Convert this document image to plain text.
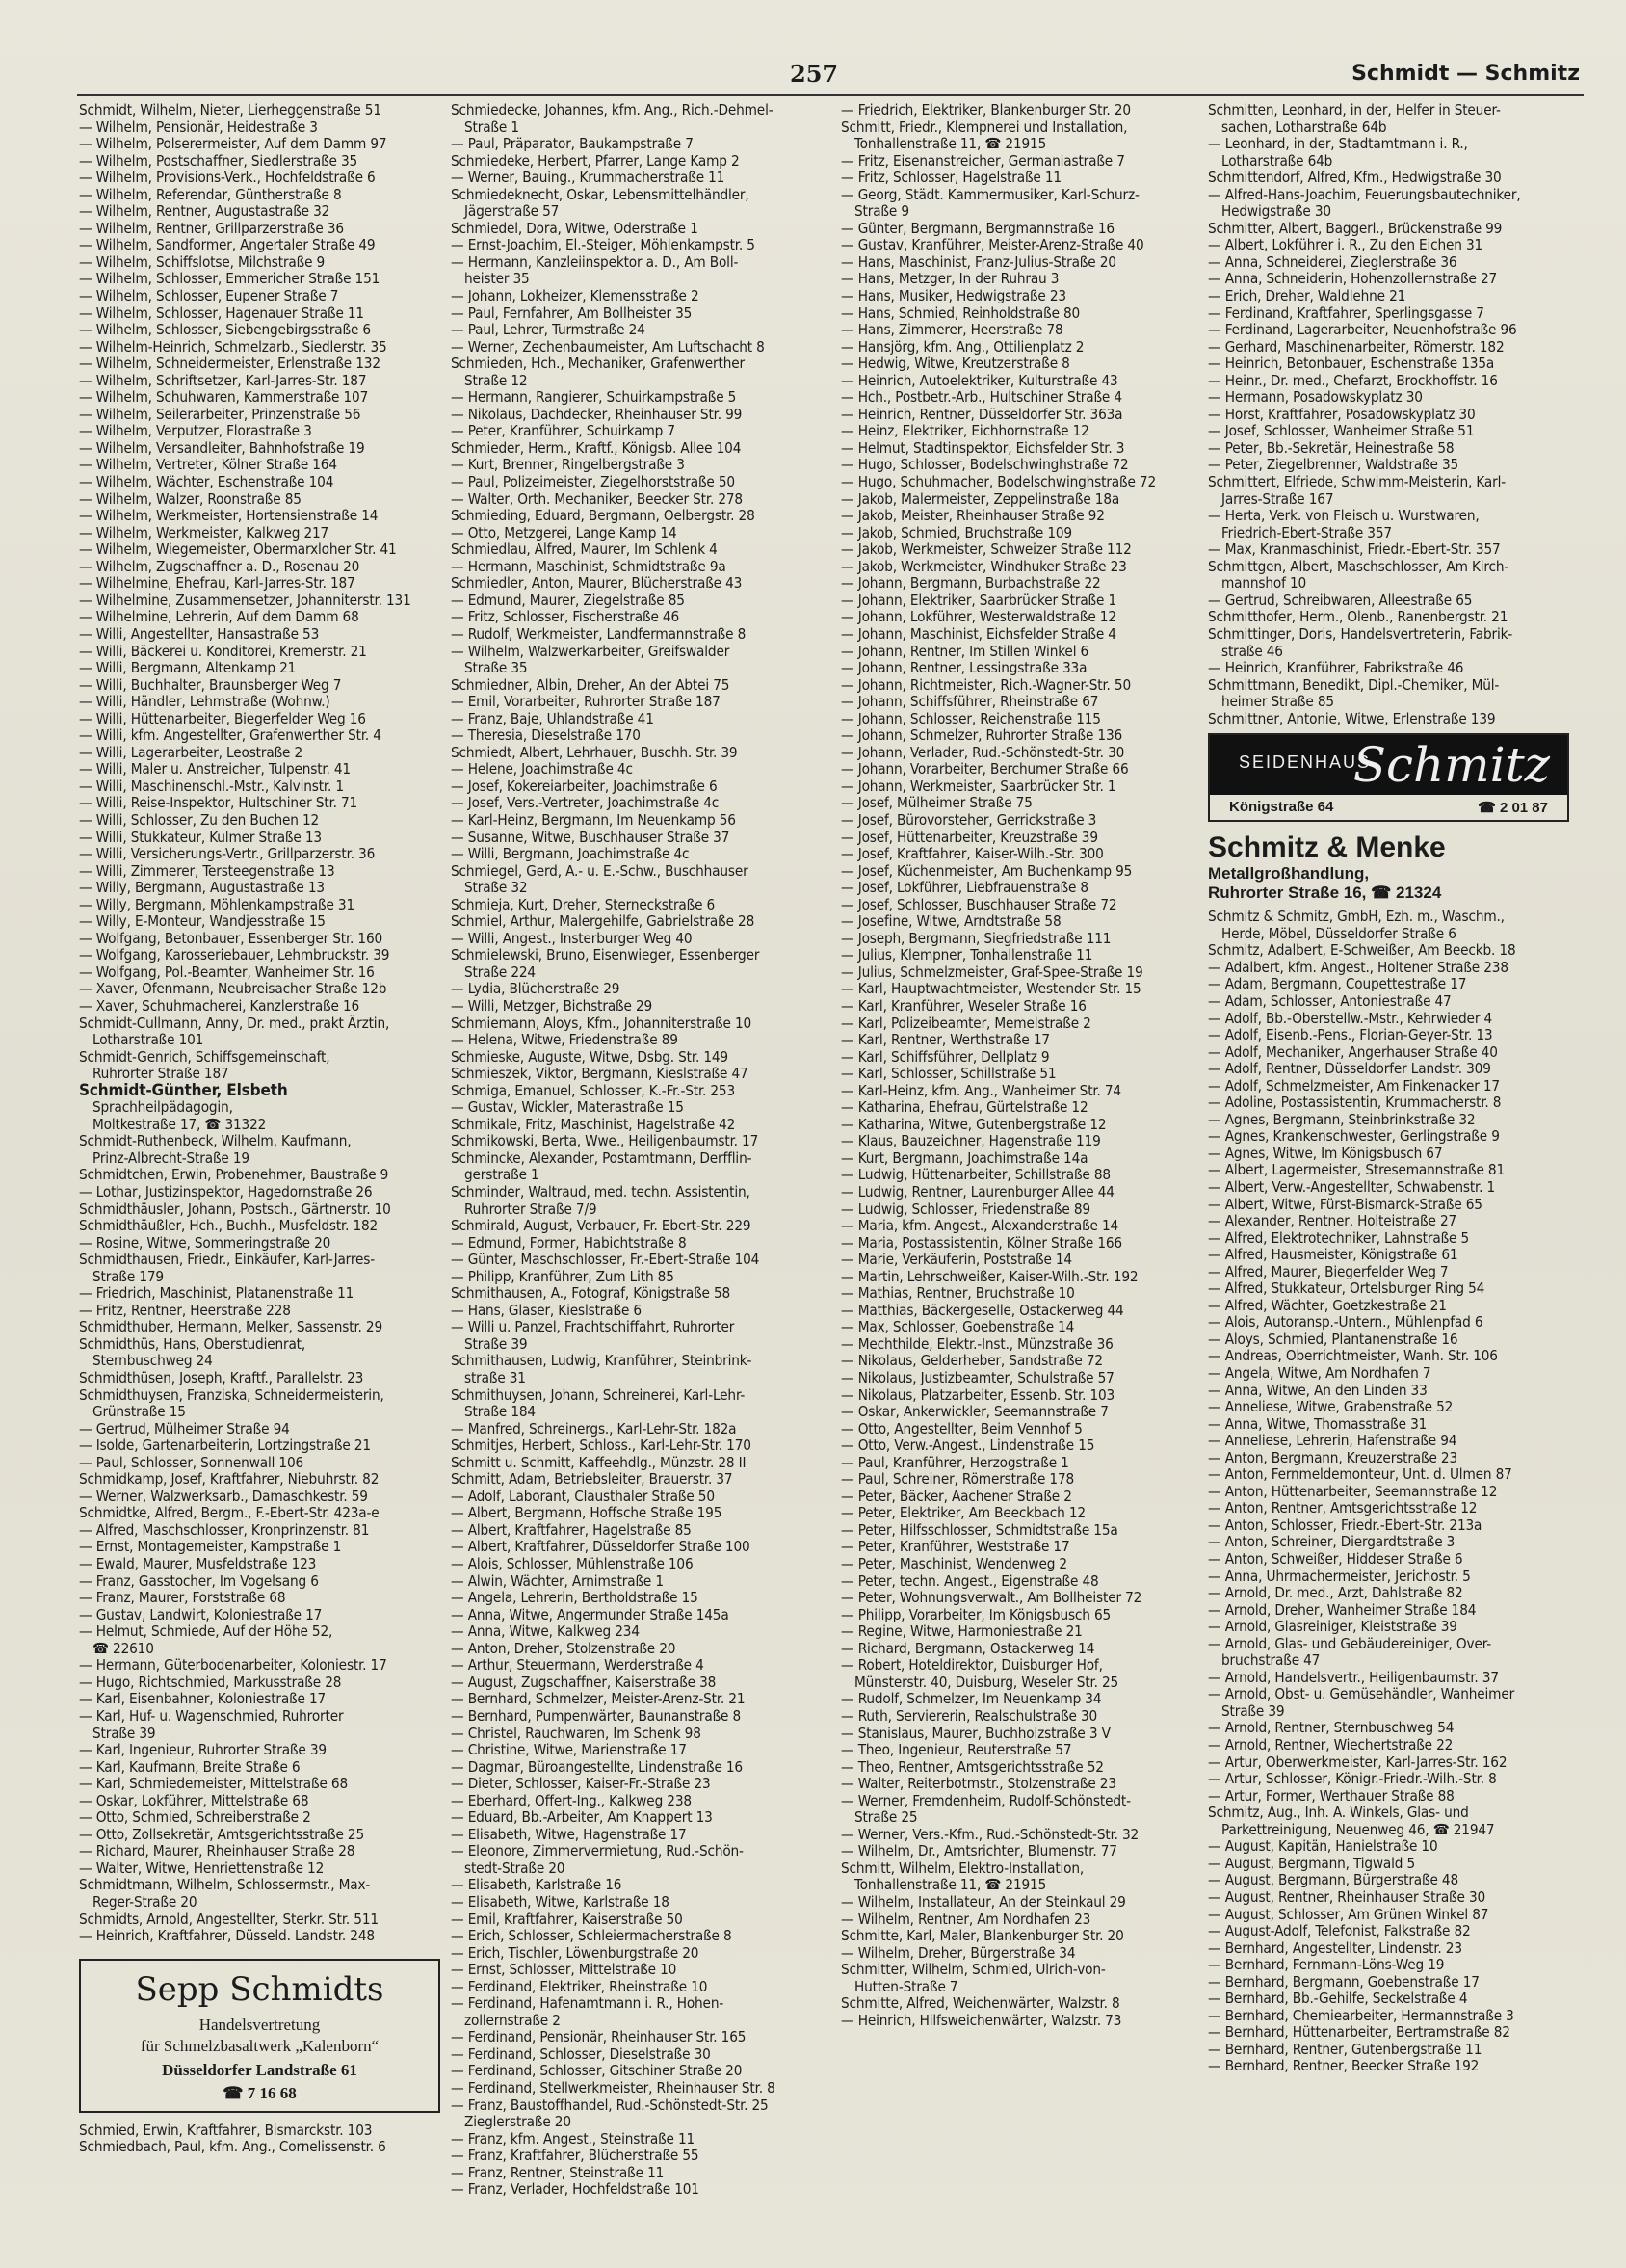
257	Schmidt — Schmitz
Schmidt, Wilhelm, Nieter, Lierheggenstraße 51
— Wilhelm, Pensionär, Heidestraße 3
— Wilhelm, Polserermeister, Auf dem Damm 97
— Wilhelm, Postschaffner, Siedlerstraße 35
— Wilhelm, Provisions-Verk., Hochfeldstraße 6
— Wilhelm, Referendar, Güntherstraße 8
— Wilhelm, Rentner, Augustastraße 32
— Wilhelm, Rentner, Grillparzerstraße 36
— Wilhelm, Sandformer, Angertaler Straße 49
— Wilhelm, Schiffslotse, Milchstraße 9
— Wilhelm, Schlosser, Emmericher Straße 151
— Wilhelm, Schlosser, Eupener Straße 7
— Wilhelm, Schlosser, Hagenauer Straße 11
— Wilhelm, Schlosser, Siebengebirgsstraße 6
— Wilhelm-Heinrich, Schmelzarb., Siedlerstr. 35
— Wilhelm, Schneidermeister, Erlenstraße 132
— Wilhelm, Schriftsetzer, Karl-Jarres-Str. 187
— Wilhelm, Schuhwaren, Kammerstraße 107
— Wilhelm, Seilerarbeiter, Prinzenstraße 56
— Wilhelm, Verputzer, Florastraße 3
— Wilhelm, Versandleiter, Bahnhofstraße 19
— Wilhelm, Vertreter, Kölner Straße 164
— Wilhelm, Wächter, Eschenstraße 104
— Wilhelm, Walzer, Roonstraße 85
— Wilhelm, Werkmeister, Hortensienstraße 14
— Wilhelm, Werkmeister, Kalkweg 217
— Wilhelm, Wiegemeister, Obermarxloher Str. 41
— Wilhelm, Zugschaffner a. D., Rosenau 20
— Wilhelmine, Ehefrau, Karl-Jarres-Str. 187
— Wilhelmine, Zusammensetzer, Johanniterstr. 131
— Wilhelmine, Lehrerin, Auf dem Damm 68
— Willi, Angestellter, Hansastraße 53
— Willi, Bäckerei u. Konditorei, Kremerstr. 21
— Willi, Bergmann, Altenkamp 21
— Willi, Buchhalter, Braunsberger Weg 7
— Willi, Händler, Lehmstraße (Wohnw.)
— Willi, Hüttenarbeiter, Biegerfelder Weg 16
— Willi, kfm. Angestellter, Grafenwerther Str. 4
— Willi, Lagerarbeiter, Leostraße 2
— Willi, Maler u. Anstreicher, Tulpenstr. 41
— Willi, Maschinenschl.-Mstr., Kalvinstr. 1
— Willi, Reise-Inspektor, Hultschiner Str. 71
— Willi, Schlosser, Zu den Buchen 12
— Willi, Stukkateur, Kulmer Straße 13
— Willi, Versicherungs-Vertr., Grillparzerstr. 36
— Willi, Zimmerer, Tersteegenstraße 13
— Willy, Bergmann, Augustastraße 13
— Willy, Bergmann, Möhlenkampstraße 31
— Willy, E-Monteur, Wandjesstraße 15
— Wolfgang, Betonbauer, Essenberger Str. 160
— Wolfgang, Karosseriebauer, Lehmbruckstr. 39
— Wolfgang, Pol.-Beamter, Wanheimer Str. 16
— Xaver, Ofenmann, Neubreisacher Straße 12b
— Xaver, Schuhmacherei, Kanzlerstraße 16
Schmidt-Cullmann, Anny, Dr. med., prakt Ärztin,
Lotharstraße 101
Schmidt-Genrich, Schiffsgemeinschaft,
Ruhrorter Straße 187
Schmidt-Günther, Elsbeth
Sprachheilpädagogin,
Moltkestraße 17, ☎ 31322
Schmidt-Ruthenbeck, Wilhelm, Kaufmann,
Prinz-Albrecht-Straße 19
Schmidtchen, Erwin, Probenehmer, Baustraße 9
— Lothar, Justizinspektor, Hagedornstraße 26
Schmidthäusler, Johann, Postsch., Gärtnerstr. 10
Schmidthäußler, Hch., Buchh., Musfeldstr. 182
— Rosine, Witwe, Sommeringstraße 20
Schmidthausen, Friedr., Einkäufer, Karl-Jarres-
Straße 179
— Friedrich, Maschinist, Platanenstraße 11
— Fritz, Rentner, Heerstraße 228
Schmidthuber, Hermann, Melker, Sassenstr. 29
Schmidthüs, Hans, Oberstudienrat,
Sternbuschweg 24
Schmidthüsen, Joseph, Kraftf., Parallelstr. 23
Schmidthuysen, Franziska, Schneidermeisterin,
Grünstraße 15
— Gertrud, Mülheimer Straße 94
— Isolde, Gartenarbeiterin, Lortzingstraße 21
— Paul, Schlosser, Sonnenwall 106
Schmidkamp, Josef, Kraftfahrer, Niebuhrstr. 82
— Werner, Walzwerksarb., Damaschkestr. 59
Schmidtke, Alfred, Bergm., F.-Ebert-Str. 423a-e
— Alfred, Maschschlosser, Kronprinzenstr. 81
— Ernst, Montagemeister, Kampstraße 1
— Ewald, Maurer, Musfeldstraße 123
— Franz, Gasstocher, Im Vogelsang 6
— Franz, Maurer, Forststraße 68
— Gustav, Landwirt, Koloniestraße 17
— Helmut, Schmiede, Auf der Höhe 52,
☎ 22610
— Hermann, Güterbodenarbeiter, Koloniestr. 17
— Hugo, Richtschmied, Markusstraße 28
— Karl, Eisenbahner, Koloniestraße 17
— Karl, Huf- u. Wagenschmied, Ruhrorter
Straße 39
— Karl, Ingenieur, Ruhrorter Straße 39
— Karl, Kaufmann, Breite Straße 6
— Karl, Schmiedemeister, Mittelstraße 68
— Oskar, Lokführer, Mittelstraße 68
— Otto, Schmied, Schreiberstraße 2
— Otto, Zollsekretär, Amtsgerichtsstraße 25
— Richard, Maurer, Rheinhauser Straße 28
— Walter, Witwe, Henriettenstraße 12
Schmidtmann, Wilhelm, Schlossermstr., Max-
Reger-Straße 20
Schmidts, Arnold, Angestellter, Sterkr. Str. 511
— Heinrich, Kraftfahrer, Düsseld. Landstr. 248
Sepp Schmidts
Handelsvertretung
für Schmelzbasaltwerk „Kalenborn“
Düsseldorfer Landstraße 61
☎ 7 16 68
Schmied, Erwin, Kraftfahrer, Bismarckstr. 103
Schmiedbach, Paul, kfm. Ang., Cornelissenstr. 6
Schmiedecke, Johannes, kfm. Ang., Rich.-Dehmel-
Straße 1
— Paul, Präparator, Baukampstraße 7
Schmiedeke, Herbert, Pfarrer, Lange Kamp 2
— Werner, Bauing., Krummacherstraße 11
Schmiedeknecht, Oskar, Lebensmittelhändler,
Jägerstraße 57
Schmiedel, Dora, Witwe, Oderstraße 1
— Ernst-Joachim, El.-Steiger, Möhlenkampstr. 5
— Hermann, Kanzleiinspektor a. D., Am Boll-
heister 35
— Johann, Lokheizer, Klemensstraße 2
— Paul, Fernfahrer, Am Bollheister 35
— Paul, Lehrer, Turmstraße 24
— Werner, Zechenbaumeister, Am Luftschacht 8
Schmieden, Hch., Mechaniker, Grafenwerther
Straße 12
— Hermann, Rangierer, Schuirkampstraße 5
— Nikolaus, Dachdecker, Rheinhauser Str. 99
— Peter, Kranführer, Schuirkamp 7
Schmieder, Herm., Kraftf., Königsb. Allee 104
— Kurt, Brenner, Ringelbergstraße 3
— Paul, Polizeimeister, Ziegelhorststraße 50
— Walter, Orth. Mechaniker, Beecker Str. 278
Schmieding, Eduard, Bergmann, Oelbergstr. 28
— Otto, Metzgerei, Lange Kamp 14
Schmiedlau, Alfred, Maurer, Im Schlenk 4
— Hermann, Maschinist, Schmidtstraße 9a
Schmiedler, Anton, Maurer, Blücherstraße 43
— Edmund, Maurer, Ziegelstraße 85
— Fritz, Schlosser, Fischerstraße 46
— Rudolf, Werkmeister, Landfermannstraße 8
— Wilhelm, Walzwerkarbeiter, Greifswalder
Straße 35
Schmiedner, Albin, Dreher, An der Abtei 75
— Emil, Vorarbeiter, Ruhrorter Straße 187
— Franz, Baje, Uhlandstraße 41
— Theresia, Dieselstraße 170
Schmiedt, Albert, Lehrhauer, Buschh. Str. 39
— Helene, Joachimstraße 4c
— Josef, Kokereiarbeiter, Joachimstraße 6
— Josef, Vers.-Vertreter, Joachimstraße 4c
— Karl-Heinz, Bergmann, Im Neuenkamp 56
— Susanne, Witwe, Buschhauser Straße 37
— Willi, Bergmann, Joachimstraße 4c
Schmiegel, Gerd, A.- u. E.-Schw., Buschhauser
Straße 32
Schmieja, Kurt, Dreher, Sterneckstraße 6
Schmiel, Arthur, Malergehilfe, Gabrielstraße 28
— Willi, Angest., Insterburger Weg 40
Schmielewski, Bruno, Eisenwieger, Essenberger
Straße 224
— Lydia, Blücherstraße 29
— Willi, Metzger, Bichstraße 29
Schmiemann, Aloys, Kfm., Johanniterstraße 10
— Helena, Witwe, Friedenstraße 89
Schmieske, Auguste, Witwe, Dsbg. Str. 149
Schmieszek, Viktor, Bergmann, Kieslstraße 47
Schmiga, Emanuel, Schlosser, K.-Fr.-Str. 253
— Gustav, Wickler, Materastraße 15
Schmikale, Fritz, Maschinist, Hagelstraße 42
Schmikowski, Berta, Wwe., Heiligenbaumstr. 17
Schmincke, Alexander, Postamtmann, Derfflin-
gerstraße 1
Schminder, Waltraud, med. techn. Assistentin,
Ruhrorter Straße 7/9
Schmirald, August, Verbauer, Fr. Ebert-Str. 229
— Edmund, Former, Habichtstraße 8
— Günter, Maschschlosser, Fr.-Ebert-Straße 104
— Philipp, Kranführer, Zum Lith 85
Schmithausen, A., Fotograf, Königstraße 58
— Hans, Glaser, Kieslstraße 6
— Willi u. Panzel, Frachtschiffahrt, Ruhrorter
Straße 39
Schmithausen, Ludwig, Kranführer, Steinbrink-
straße 31
Schmithuysen, Johann, Schreinerei, Karl-Lehr-
Straße 184
— Manfred, Schreinergs., Karl-Lehr-Str. 182a
Schmitjes, Herbert, Schloss., Karl-Lehr-Str. 170
Schmitt u. Schmitt, Kaffeehdlg., Münzstr. 28 II
Schmitt, Adam, Betriebsleiter, Brauerstr. 37
— Adolf, Laborant, Clausthaler Straße 50
— Albert, Bergmann, Hoffsche Straße 195
— Albert, Kraftfahrer, Hagelstraße 85
— Albert, Kraftfahrer, Düsseldorfer Straße 100
— Alois, Schlosser, Mühlenstraße 106
— Alwin, Wächter, Arnimstraße 1
— Angela, Lehrerin, Bertholdstraße 15
— Anna, Witwe, Angermunder Straße 145a
— Anna, Witwe, Kalkweg 234
— Anton, Dreher, Stolzenstraße 20
— Arthur, Steuermann, Werderstraße 4
— August, Zugschaffner, Kaiserstraße 38
— Bernhard, Schmelzer, Meister-Arenz-Str. 21
— Bernhard, Pumpenwärter, Baunanstraße 8
— Christel, Rauchwaren, Im Schenk 98
— Christine, Witwe, Marienstraße 17
— Dagmar, Büroangestellte, Lindenstraße 16
— Dieter, Schlosser, Kaiser-Fr.-Straße 23
— Eberhard, Offert-Ing., Kalkweg 238
— Eduard, Bb.-Arbeiter, Am Knappert 13
— Elisabeth, Witwe, Hagenstraße 17
— Eleonore, Zimmervermietung, Rud.-Schön-
stedt-Straße 20
— Elisabeth, Karlstraße 16
— Elisabeth, Witwe, Karlstraße 18
— Emil, Kraftfahrer, Kaiserstraße 50
— Erich, Schlosser, Schleiermacherstraße 8
— Erich, Tischler, Löwenburgstraße 20
— Ernst, Schlosser, Mittelstraße 10
— Ferdinand, Elektriker, Rheinstraße 10
— Ferdinand, Hafenamtmann i. R., Hohen-
zollernstraße 2
— Ferdinand, Pensionär, Rheinhauser Str. 165
— Ferdinand, Schlosser, Dieselstraße 30
— Ferdinand, Schlosser, Gitschiner Straße 20
— Ferdinand, Stellwerkmeister, Rheinhauser Str. 8
— Franz, Baustoffhandel, Rud.-Schönstedt-Str. 25
Zieglerstraße 20
— Franz, kfm. Angest., Steinstraße 11
— Franz, Kraftfahrer, Blücherstraße 55
— Franz, Rentner, Steinstraße 11
— Franz, Verlader, Hochfeldstraße 101
— Friedrich, Elektriker, Blankenburger Str. 20
Schmitt, Friedr., Klempnerei und Installation,
Tonhallenstraße 11, ☎ 21915
— Fritz, Eisenanstreicher, Germaniastraße 7
— Fritz, Schlosser, Hagelstraße 11
— Georg, Städt. Kammermusiker, Karl-Schurz-
Straße 9
— Günter, Bergmann, Bergmannstraße 16
— Gustav, Kranführer, Meister-Arenz-Straße 40
— Hans, Maschinist, Franz-Julius-Straße 20
— Hans, Metzger, In der Ruhrau 3
— Hans, Musiker, Hedwigstraße 23
— Hans, Schmied, Reinholdstraße 80
— Hans, Zimmerer, Heerstraße 78
— Hansjörg, kfm. Ang., Ottilienplatz 2
— Hedwig, Witwe, Kreutzerstraße 8
— Heinrich, Autoelektriker, Kulturstraße 43
— Hch., Postbetr.-Arb., Hultschiner Straße 4
— Heinrich, Rentner, Düsseldorfer Str. 363a
— Heinz, Elektriker, Eichhornstraße 12
— Helmut, Stadtinspektor, Eichsfelder Str. 3
— Hugo, Schlosser, Bodelschwinghstraße 72
— Hugo, Schuhmacher, Bodelschwinghstraße 72
— Jakob, Malermeister, Zeppelinstraße 18a
— Jakob, Meister, Rheinhauser Straße 92
— Jakob, Schmied, Bruchstraße 109
— Jakob, Werkmeister, Schweizer Straße 112
— Jakob, Werkmeister, Windhuker Straße 23
— Johann, Bergmann, Burbachstraße 22
— Johann, Elektriker, Saarbrücker Straße 1
— Johann, Lokführer, Westerwaldstraße 12
— Johann, Maschinist, Eichsfelder Straße 4
— Johann, Rentner, Im Stillen Winkel 6
— Johann, Rentner, Lessingstraße 33a
— Johann, Richtmeister, Rich.-Wagner-Str. 50
— Johann, Schiffsführer, Rheinstraße 67
— Johann, Schlosser, Reichenstraße 115
— Johann, Schmelzer, Ruhrorter Straße 136
— Johann, Verlader, Rud.-Schönstedt-Str. 30
— Johann, Vorarbeiter, Berchumer Straße 66
— Johann, Werkmeister, Saarbrücker Str. 1
— Josef, Mülheimer Straße 75
— Josef, Bürovorsteher, Gerrickstraße 3
— Josef, Hüttenarbeiter, Kreuzstraße 39
— Josef, Kraftfahrer, Kaiser-Wilh.-Str. 300
— Josef, Küchenmeister, Am Buchenkamp 95
— Josef, Lokführer, Liebfrauenstraße 8
— Josef, Schlosser, Buschhauser Straße 72
— Josefine, Witwe, Arndtstraße 58
— Joseph, Bergmann, Siegfriedstraße 111
— Julius, Klempner, Tonhallenstraße 11
— Julius, Schmelzmeister, Graf-Spee-Straße 19
— Karl, Hauptwachtmeister, Westender Str. 15
— Karl, Kranführer, Weseler Straße 16
— Karl, Polizeibeamter, Memelstraße 2
— Karl, Rentner, Werthstraße 17
— Karl, Schiffsführer, Dellplatz 9
— Karl, Schlosser, Schillstraße 51
— Karl-Heinz, kfm. Ang., Wanheimer Str. 74
— Katharina, Ehefrau, Gürtelstraße 12
— Katharina, Witwe, Gutenbergstraße 12
— Klaus, Bauzeichner, Hagenstraße 119
— Kurt, Bergmann, Joachimstraße 14a
— Ludwig, Hüttenarbeiter, Schillstraße 88
— Ludwig, Rentner, Laurenburger Allee 44
— Ludwig, Schlosser, Friedenstraße 89
— Maria, kfm. Angest., Alexanderstraße 14
— Maria, Postassistentin, Kölner Straße 166
— Marie, Verkäuferin, Poststraße 14
— Martin, Lehrschweißer, Kaiser-Wilh.-Str. 192
— Mathias, Rentner, Bruchstraße 10
— Matthias, Bäckergeselle, Ostackerweg 44
— Max, Schlosser, Goebenstraße 14
— Mechthilde, Elektr.-Inst., Münzstraße 36
— Nikolaus, Gelderheber, Sandstraße 72
— Nikolaus, Justizbeamter, Schulstraße 57
— Nikolaus, Platzarbeiter, Essenb. Str. 103
— Oskar, Ankerwickler, Seemannstraße 7
— Otto, Angestellter, Beim Vennhof 5
— Otto, Verw.-Angest., Lindenstraße 15
— Paul, Kranführer, Herzogstraße 1
— Paul, Schreiner, Römerstraße 178
— Peter, Bäcker, Aachener Straße 2
— Peter, Elektriker, Am Beeckbach 12
— Peter, Hilfsschlosser, Schmidtstraße 15a
— Peter, Kranführer, Weststraße 17
— Peter, Maschinist, Wendenweg 2
— Peter, techn. Angest., Eigenstraße 48
— Peter, Wohnungsverwalt., Am Bollheister 72
— Philipp, Vorarbeiter, Im Königsbusch 65
— Regine, Witwe, Harmoniestraße 21
— Richard, Bergmann, Ostackerweg 14
— Robert, Hoteldirektor, Duisburger Hof,
Münsterstr. 40, Duisburg, Weseler Str. 25
— Rudolf, Schmelzer, Im Neuenkamp 34
— Ruth, Serviererin, Realschulstraße 30
— Stanislaus, Maurer, Buchholzstraße 3 V
— Theo, Ingenieur, Reuterstraße 57
— Theo, Rentner, Amtsgerichtsstraße 52
— Walter, Reiterbotmstr., Stolzenstraße 23
— Werner, Fremdenheim, Rudolf-Schönstedt-
Straße 25
— Werner, Vers.-Kfm., Rud.-Schönstedt-Str. 32
— Wilhelm, Dr., Amtsrichter, Blumenstr. 77
Schmitt, Wilhelm, Elektro-Installation,
Tonhallenstraße 11, ☎ 21915
— Wilhelm, Installateur, An der Steinkaul 29
— Wilhelm, Rentner, Am Nordhafen 23
Schmitte, Karl, Maler, Blankenburger Str. 20
— Wilhelm, Dreher, Bürgerstraße 34
Schmitter, Wilhelm, Schmied, Ulrich-von-
Hutten-Straße 7
Schmitte, Alfred, Weichenwärter, Walzstr. 8
— Heinrich, Hilfsweichenwärter, Walzstr. 73
Schmitten, Leonhard, in der, Helfer in Steuer-
sachen, Lotharstraße 64b
— Leonhard, in der, Stadtamtmann i. R.,
Lotharstraße 64b
Schmittendorf, Alfred, Kfm., Hedwigstraße 30
— Alfred-Hans-Joachim, Feuerungsbautechniker,
Hedwigstraße 30
Schmitter, Albert, Baggerl., Brückenstraße 99
— Albert, Lokführer i. R., Zu den Eichen 31
— Anna, Schneiderei, Zieglerstraße 36
— Anna, Schneiderin, Hohenzollernstraße 27
— Erich, Dreher, Waldlehne 21
— Ferdinand, Kraftfahrer, Sperlingsgasse 7
— Ferdinand, Lagerarbeiter, Neuenhofstraße 96
— Gerhard, Maschinenarbeiter, Römerstr. 182
— Heinrich, Betonbauer, Eschenstraße 135a
— Heinr., Dr. med., Chefarzt, Brockhoffstr. 16
— Hermann, Posadowskyplatz 30
— Horst, Kraftfahrer, Posadowskyplatz 30
— Josef, Schlosser, Wanheimer Straße 51
— Peter, Bb.-Sekretär, Heinestraße 58
— Peter, Ziegelbrenner, Waldstraße 35
Schmittert, Elfriede, Schwimm-Meisterin, Karl-
Jarres-Straße 167
— Herta, Verk. von Fleisch u. Wurstwaren,
Friedrich-Ebert-Straße 357
— Max, Kranmaschinist, Friedr.-Ebert-Str. 357
Schmittgen, Albert, Maschschlosser, Am Kirch-
mannshof 10
— Gertrud, Schreibwaren, Alleestraße 65
Schmitthofer, Herm., Olenb., Ranenbergstr. 21
Schmittinger, Doris, Handelsvertreterin, Fabrik-
straße 46
— Heinrich, Kranführer, Fabrikstraße 46
Schmittmann, Benedikt, Dipl.-Chemiker, Mül-
heimer Straße 85
Schmittner, Antonie, Witwe, Erlenstraße 139
SEIDENHAUS
Schmitz
Königstraße 64	☎ 2 01 87
Schmitz & Menke
Metallgroßhandlung,
Ruhrorter Straße 16, ☎ 21324
Schmitz & Schmitz, GmbH, Ezh. m., Waschm.,
Herde, Möbel, Düsseldorfer Straße 6
Schmitz, Adalbert, E-Schweißer, Am Beeckb. 18
— Adalbert, kfm. Angest., Holtener Straße 238
— Adam, Bergmann, Coupettestraße 17
— Adam, Schlosser, Antoniestraße 47
— Adolf, Bb.-Oberstellw.-Mstr., Kehrwieder 4
— Adolf, Eisenb.-Pens., Florian-Geyer-Str. 13
— Adolf, Mechaniker, Angerhauser Straße 40
— Adolf, Rentner, Düsseldorfer Landstr. 309
— Adolf, Schmelzmeister, Am Finkenacker 17
— Adoline, Postassistentin, Krummacherstr. 8
— Agnes, Bergmann, Steinbrinkstraße 32
— Agnes, Krankenschwester, Gerlingstraße 9
— Agnes, Witwe, Im Königsbusch 67
— Albert, Lagermeister, Stresemannstraße 81
— Albert, Verw.-Angestellter, Schwabenstr. 1
— Albert, Witwe, Fürst-Bismarck-Straße 65
— Alexander, Rentner, Holteistraße 27
— Alfred, Elektrotechniker, Lahnstraße 5
— Alfred, Hausmeister, Königstraße 61
— Alfred, Maurer, Biegerfelder Weg 7
— Alfred, Stukkateur, Ortelsburger Ring 54
— Alfred, Wächter, Goetzkestraße 21
— Alois, Autoransp.-Untern., Mühlenpfad 6
— Aloys, Schmied, Plantanenstraße 16
— Andreas, Oberrichtmeister, Wanh. Str. 106
— Angela, Witwe, Am Nordhafen 7
— Anna, Witwe, An den Linden 33
— Anneliese, Witwe, Grabenstraße 52
— Anna, Witwe, Thomasstraße 31
— Anneliese, Lehrerin, Hafenstraße 94
— Anton, Bergmann, Kreuzerstraße 23
— Anton, Fernmeldemonteur, Unt. d. Ulmen 87
— Anton, Hüttenarbeiter, Seemannstraße 12
— Anton, Rentner, Amtsgerichtsstraße 12
— Anton, Schlosser, Friedr.-Ebert-Str. 213a
— Anton, Schreiner, Diergardtstraße 3
— Anton, Schweißer, Hiddeser Straße 6
— Anna, Uhrmachermeister, Jerichostr. 5
— Arnold, Dr. med., Arzt, Dahlstraße 82
— Arnold, Dreher, Wanheimer Straße 184
— Arnold, Glasreiniger, Kleiststraße 39
— Arnold, Glas- und Gebäudereiniger, Over-
bruchstraße 47
— Arnold, Handelsvertr., Heiligenbaumstr. 37
— Arnold, Obst- u. Gemüsehändler, Wanheimer
Straße 39
— Arnold, Rentner, Sternbuschweg 54
— Arnold, Rentner, Wiechertstraße 22
— Artur, Oberwerkmeister, Karl-Jarres-Str. 162
— Artur, Schlosser, Königr.-Friedr.-Wilh.-Str. 8
— Artur, Former, Werthauer Straße 88
Schmitz, Aug., Inh. A. Winkels, Glas- und
Parkettreinigung, Neuenweg 46, ☎ 21947
— August, Kapitän, Hanielstraße 10
— August, Bergmann, Tigwald 5
— August, Bergmann, Bürgerstraße 48
— August, Rentner, Rheinhauser Straße 30
— August, Schlosser, Am Grünen Winkel 87
— August-Adolf, Telefonist, Falkstraße 82
— Bernhard, Angestellter, Lindenstr. 23
— Bernhard, Fernmann-Löns-Weg 19
— Bernhard, Bergmann, Goebenstraße 17
— Bernhard, Bb.-Gehilfe, Seckelstraße 4
— Bernhard, Chemiearbeiter, Hermannstraße 3
— Bernhard, Hüttenarbeiter, Bertramstraße 82
— Bernhard, Rentner, Gutenbergstraße 11
— Bernhard, Rentner, Beecker Straße 192
